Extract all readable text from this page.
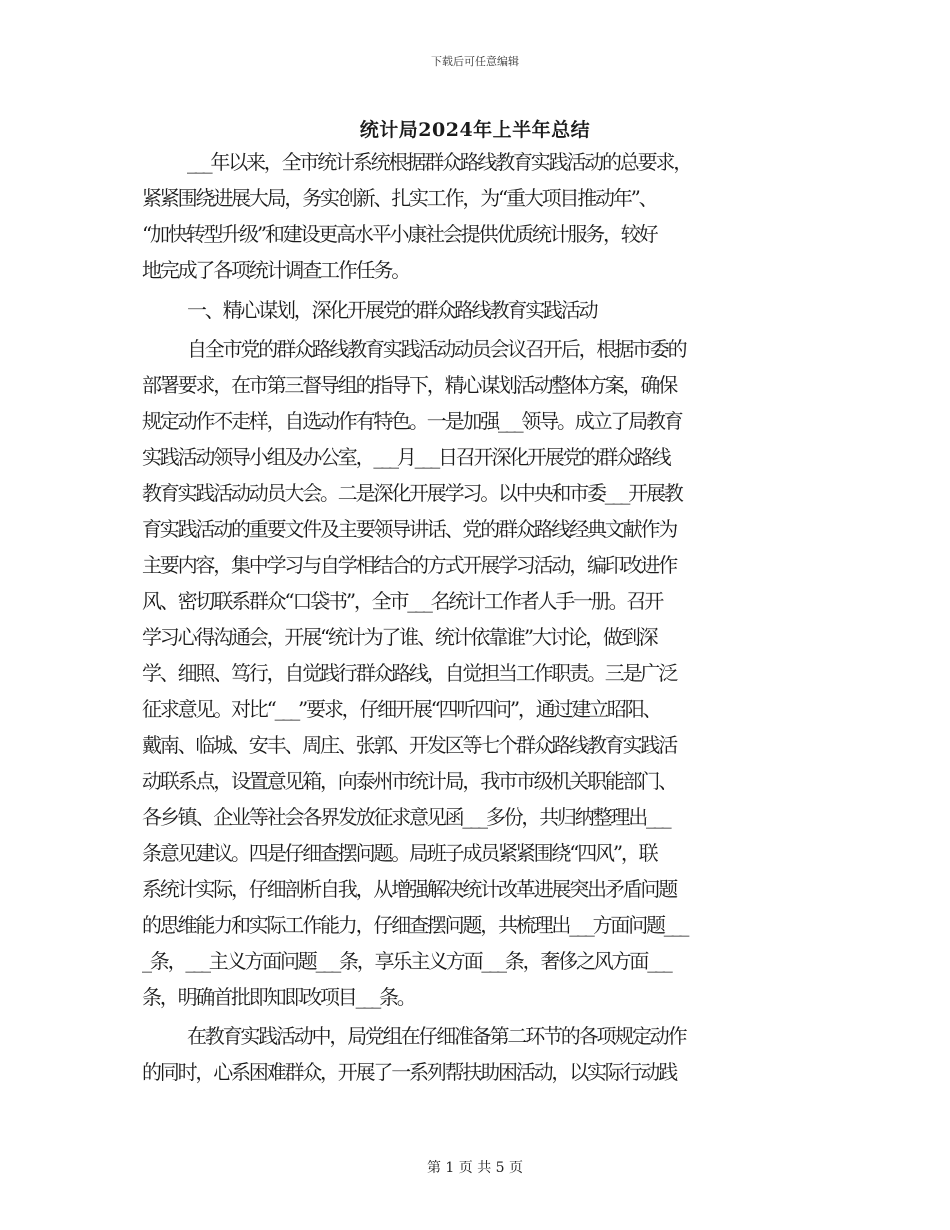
下载后可任意编辑
统计局2024年上半年总结
___年以来，全市统计系统根据群众路线教育实践活动的总要求，
紧紧围绕进展大局，务实创新、扎实工作，为“重大项目推动年”、
“加快转型升级”和建设更高水平小康社会提供优质统计服务，较好
地完成了各项统计调查工作任务。
一、精心谋划，深化开展党的群众路线教育实践活动
自全市党的群众路线教育实践活动动员会议召开后，根据市委的
部署要求，在市第三督导组的指导下，精心谋划活动整体方案，确保
规定动作不走样，自选动作有特色。一是加强___领导。成立了局教育
实践活动领导小组及办公室，___月___日召开深化开展党的群众路线
教育实践活动动员大会。二是深化开展学习。以中央和市委___开展教
育实践活动的重要文件及主要领导讲话、党的群众路线经典文献作为
主要内容，集中学习与自学相结合的方式开展学习活动，编印改进作
风、密切联系群众“口袋书”，全市___名统计工作者人手一册。召开
学习心得沟通会，开展“统计为了谁、统计依靠谁”大讨论，做到深
学、细照、笃行，自觉践行群众路线，自觉担当工作职责。三是广泛
征求意见。对比“___”要求，仔细开展“四听四问”，通过建立昭阳、
戴南、临城、安丰、周庄、张郭、开发区等七个群众路线教育实践活
动联系点，设置意见箱，向泰州市统计局，我市市级机关职能部门、
各乡镇、企业等社会各界发放征求意见函___多份，共归纳整理出___
条意见建议。四是仔细查摆问题。局班子成员紧紧围绕“四风”，联
系统计实际，仔细剖析自我，从增强解决统计改革进展突出矛盾问题
的思维能力和实际工作能力，仔细查摆问题，共梳理出___方面问题___
_条，___主义方面问题___条，享乐主义方面___条，奢侈之风方面___
条，明确首批即知即改项目___条。
在教育实践活动中，局党组在仔细准备第二环节的各项规定动作
的同时，心系困难群众，开展了一系列帮扶助困活动，以实际行动践
第 1 页 共 5 页
